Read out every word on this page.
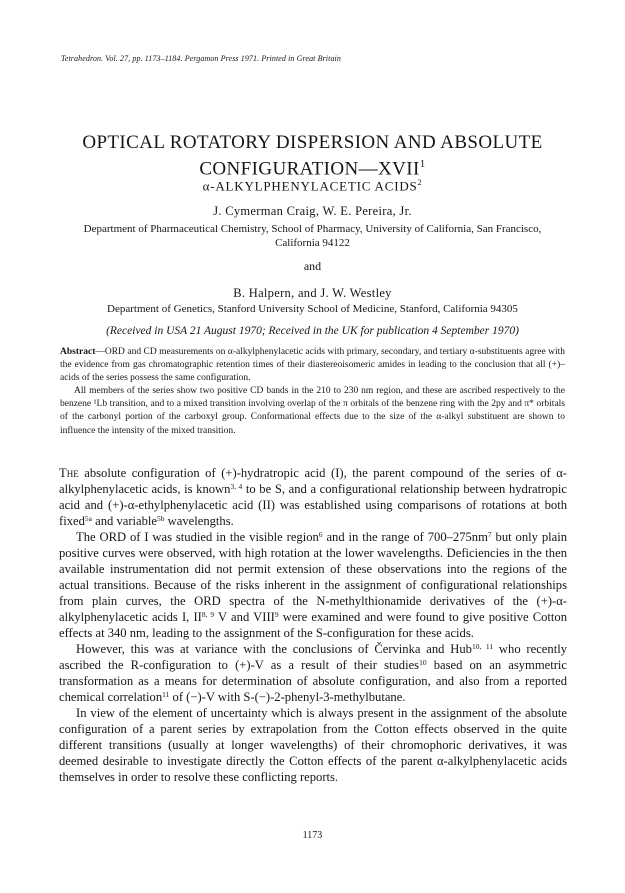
Tetrahedron. Vol. 27, pp. 1173–1184. Pergamon Press 1971. Printed in Great Britain
OPTICAL ROTATORY DISPERSION AND ABSOLUTE
CONFIGURATION—XVII$^1$
α-ALKYLPHENYLACETIC ACIDS$^2$
J. Cymerman Craig, W. E. Pereira, Jr.
Department of Pharmaceutical Chemistry, School of Pharmacy, University of California, San Francisco,
California 94122
and
B. Halpern, and J. W. Westley
Department of Genetics, Stanford University School of Medicine, Stanford, California 94305
(Received in USA 21 August 1970; Received in the UK for publication 4 September 1970)

Abstract—ORD and CD measurements on α-alkylphenylacetic acids with primary, secondary, and tertiary α-substituents agree with the evidence from gas chromatographic retention times of their diastereoisomeric amides in leading to the conclusion that all (+)– acids of the series possess the same configuration.

All members of the series show two positive CD bands in the 210 to 230 nm region, and these are ascribed respectively to the benzene ¹Lb transition, and to a mixed transition involving overlap of the π orbitals of the benzene ring with the 2py and π* orbitals of the carbonyl portion of the carboxyl group. Conformational effects due to the size of the α-alkyl substituent are shown to influence the intensity of the mixed transition.

The absolute configuration of (+)-hydratropic acid (I), the parent compound of the series of α-alkylphenylacetic acids, is known$^{3, 4}$ to be S, and a configurational relationship between hydratropic acid and (+)-α-ethylphenylacetic acid (II) was established using comparisons of rotations at both fixed$^{5a}$ and variable$^{5b}$ wavelengths.

The ORD of I was studied in the visible region$^6$ and in the range of $700-275nm^7$ but only plain positive curves were observed, with high rotation at the lower wavelengths. Deficiencies in the then available instrumentation did not permit extension of these observations into the regions of the actual transitions. Because of the risks inherent in the assignment of configurational relationships from plain curves, the ORD spectra of the N-methylthionamide derivatives of the (+)-α-alkylphenylacetic acids I, II$^{8, 9}$ V and VIII$^9$ were examined and were found to give positive Cotton effects at 340 nm, leading to the assignment of the S-configuration for these acids.

However, this was at variance with the conclusions of Červinka and Hub$^{10, 11}$ who recently ascribed the R-configuration to (+)-V as a result of their studies$^{10}$ based on an asymmetric transformation as a means for determination of absolute configuration, and also from a reported chemical correlation$^{11}$ of (−)-V with S-(−)-2-phenyl-3-methylbutane.

In view of the element of uncertainty which is always present in the assignment of the absolute configuration of a parent series by extrapolation from the Cotton effects observed in the quite different transitions (usually at longer wavelengths) of their chromophoric derivatives, it was deemed desirable to investigate directly the Cotton effects of the parent α-alkylphenylacetic acids themselves in order to resolve these conflicting reports.

1173
